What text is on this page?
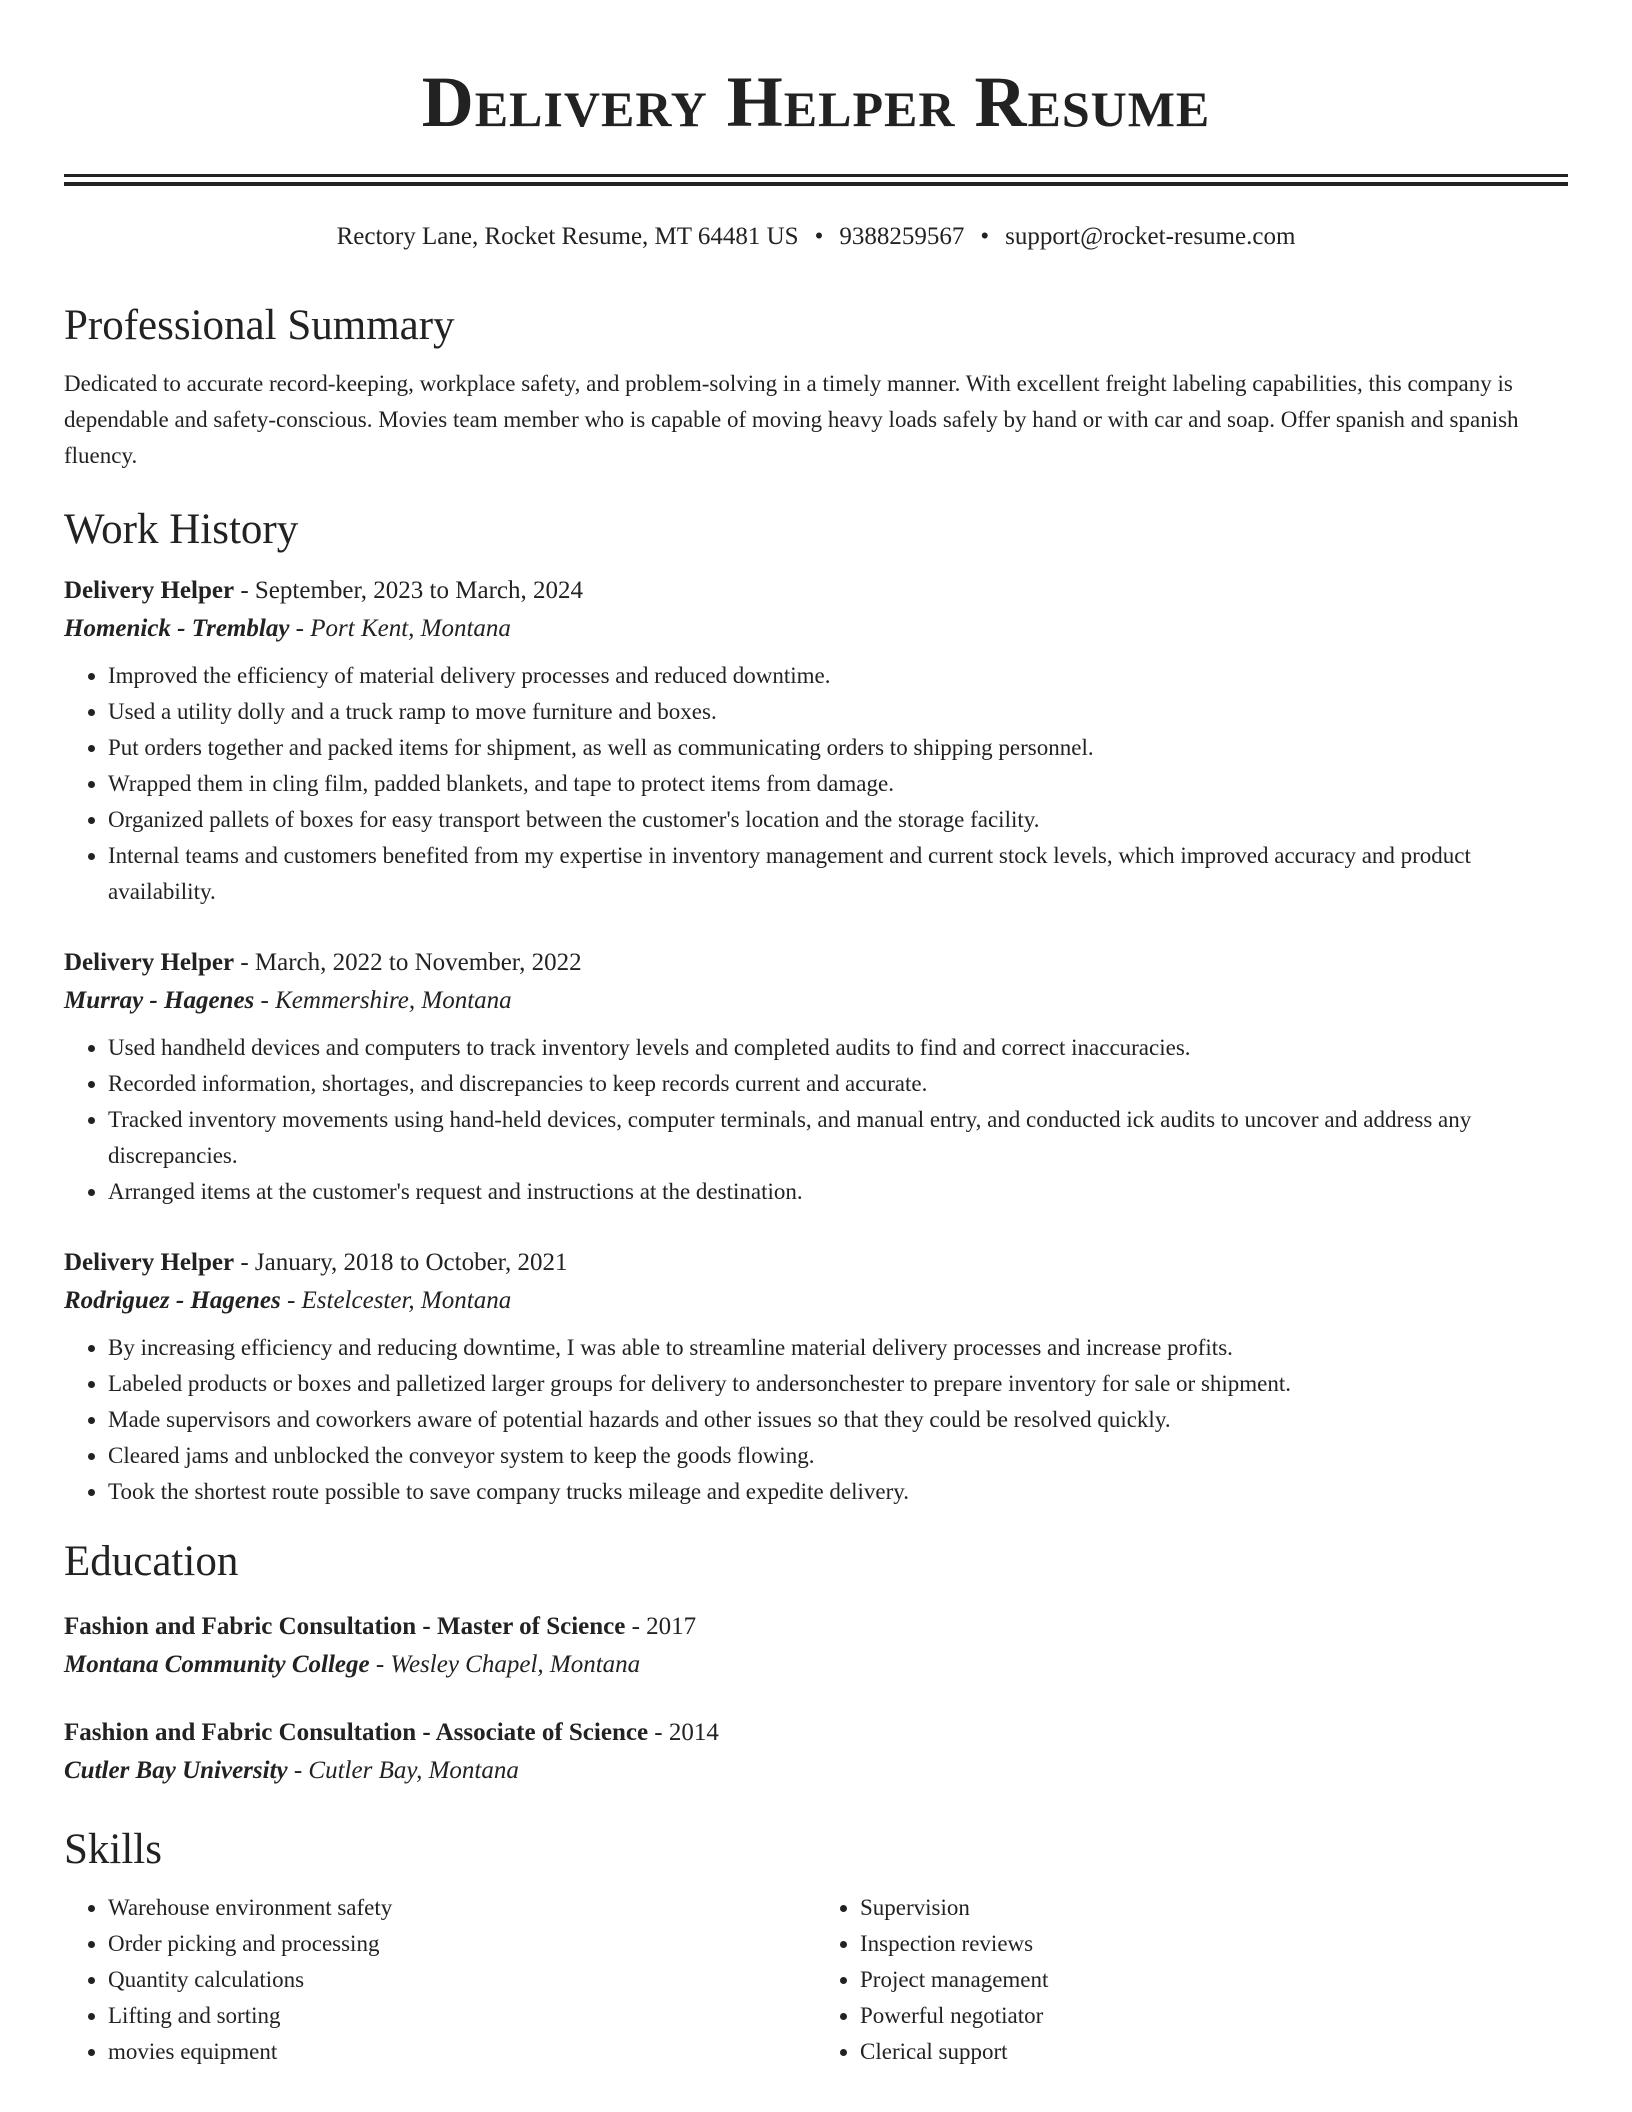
Delivery Helper Resume
Rectory Lane, Rocket Resume, MT 64481 US • 9388259567 • support@rocket-resume.com
Professional Summary
Dedicated to accurate record-keeping, workplace safety, and problem-solving in a timely manner. With excellent freight labeling capabilities, this company is dependable and safety-conscious. Movies team member who is capable of moving heavy loads safely by hand or with car and soap. Offer spanish and spanish fluency.
Work History
Delivery Helper - September, 2023 to March, 2024
Homenick - Tremblay - Port Kent, Montana
• Improved the efficiency of material delivery processes and reduced downtime.
• Used a utility dolly and a truck ramp to move furniture and boxes.
• Put orders together and packed items for shipment, as well as communicating orders to shipping personnel.
• Wrapped them in cling film, padded blankets, and tape to protect items from damage.
• Organized pallets of boxes for easy transport between the customer's location and the storage facility.
• Internal teams and customers benefited from my expertise in inventory management and current stock levels, which improved accuracy and product availability.
Delivery Helper - March, 2022 to November, 2022
Murray - Hagenes - Kemmershire, Montana
• Used handheld devices and computers to track inventory levels and completed audits to find and correct inaccuracies.
• Recorded information, shortages, and discrepancies to keep records current and accurate.
• Tracked inventory movements using hand-held devices, computer terminals, and manual entry, and conducted ick audits to uncover and address any discrepancies.
• Arranged items at the customer's request and instructions at the destination.
Delivery Helper - January, 2018 to October, 2021
Rodriguez - Hagenes - Estelcester, Montana
• By increasing efficiency and reducing downtime, I was able to streamline material delivery processes and increase profits.
• Labeled products or boxes and palletized larger groups for delivery to andersonchester to prepare inventory for sale or shipment.
• Made supervisors and coworkers aware of potential hazards and other issues so that they could be resolved quickly.
• Cleared jams and unblocked the conveyor system to keep the goods flowing.
• Took the shortest route possible to save company trucks mileage and expedite delivery.
Education
Fashion and Fabric Consultation - Master of Science - 2017
Montana Community College - Wesley Chapel, Montana
Fashion and Fabric Consultation - Associate of Science - 2014
Cutler Bay University - Cutler Bay, Montana
Skills
• Warehouse environment safety
• Order picking and processing
• Quantity calculations
• Lifting and sorting
• movies equipment
• Supervision
• Inspection reviews
• Project management
• Powerful negotiator
• Clerical support
